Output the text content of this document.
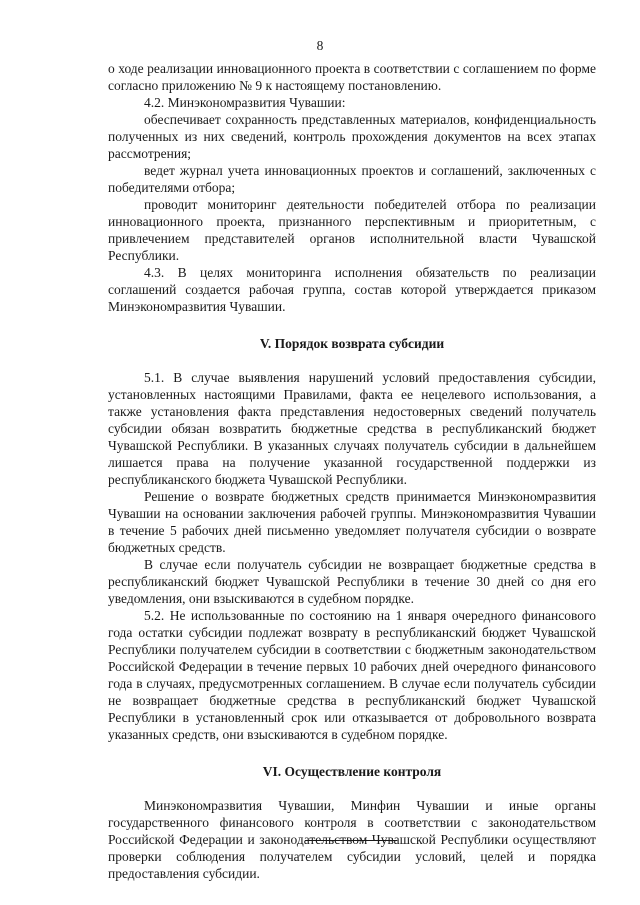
8

о ходе реализации инновационного проекта в соответствии с соглашением по форме согласно приложению № 9 к настоящему постановлению.

4.2. Минэкономразвития Чувашии:

обеспечивает сохранность представленных материалов, конфиденциальность полученных из них сведений, контроль прохождения документов на всех этапах рассмотрения;

ведет журнал учета инновационных проектов и соглашений, заключенных с победителями отбора;

проводит мониторинг деятельности победителей отбора по реализации инновационного проекта, признанного перспективным и приоритетным, с привлечением представителей органов исполнительной власти Чувашской Республики.

4.3. В целях мониторинга исполнения обязательств по реализации соглашений создается рабочая группа, состав которой утверждается приказом Минэкономразвития Чувашии.

V. Порядок возврата субсидии

5.1. В случае выявления нарушений условий предоставления субсидии, установленных настоящими Правилами, факта ее нецелевого использования, а также установления факта представления недостоверных сведений получатель субсидии обязан возвратить бюджетные средства в республиканский бюджет Чувашской Республики. В указанных случаях получатель субсидии в дальнейшем лишается права на получение указанной государственной поддержки из республиканского бюджета Чувашской Республики.

Решение о возврате бюджетных средств принимается Минэкономразвития Чувашии на основании заключения рабочей группы. Минэкономразвития Чувашии в течение 5 рабочих дней письменно уведомляет получателя субсидии о возврате бюджетных средств.

В случае если получатель субсидии не возвращает бюджетные средства в республиканский бюджет Чувашской Республики в течение 30 дней со дня его уведомления, они взыскиваются в судебном порядке.

5.2. Не использованные по состоянию на 1 января очередного финансового года остатки субсидии подлежат возврату в республиканский бюджет Чувашской Республики получателем субсидии в соответствии с бюджетным законодательством Российской Федерации в течение первых 10 рабочих дней очередного финансового года в случаях, предусмотренных соглашением. В случае если получатель субсидии не возвращает бюджетные средства в республиканский бюджет Чувашской Республики в установленный срок или отказывается от добровольного возврата указанных средств, они взыскиваются в судебном порядке.

VI. Осуществление контроля

Минэкономразвития Чувашии, Минфин Чувашии и иные органы государственного финансового контроля в соответствии с законодательством Российской Федерации и законодательством Чувашской Республики осуществляют проверки соблюдения получателем субсидии условий, целей и порядка предоставления субсидии.
